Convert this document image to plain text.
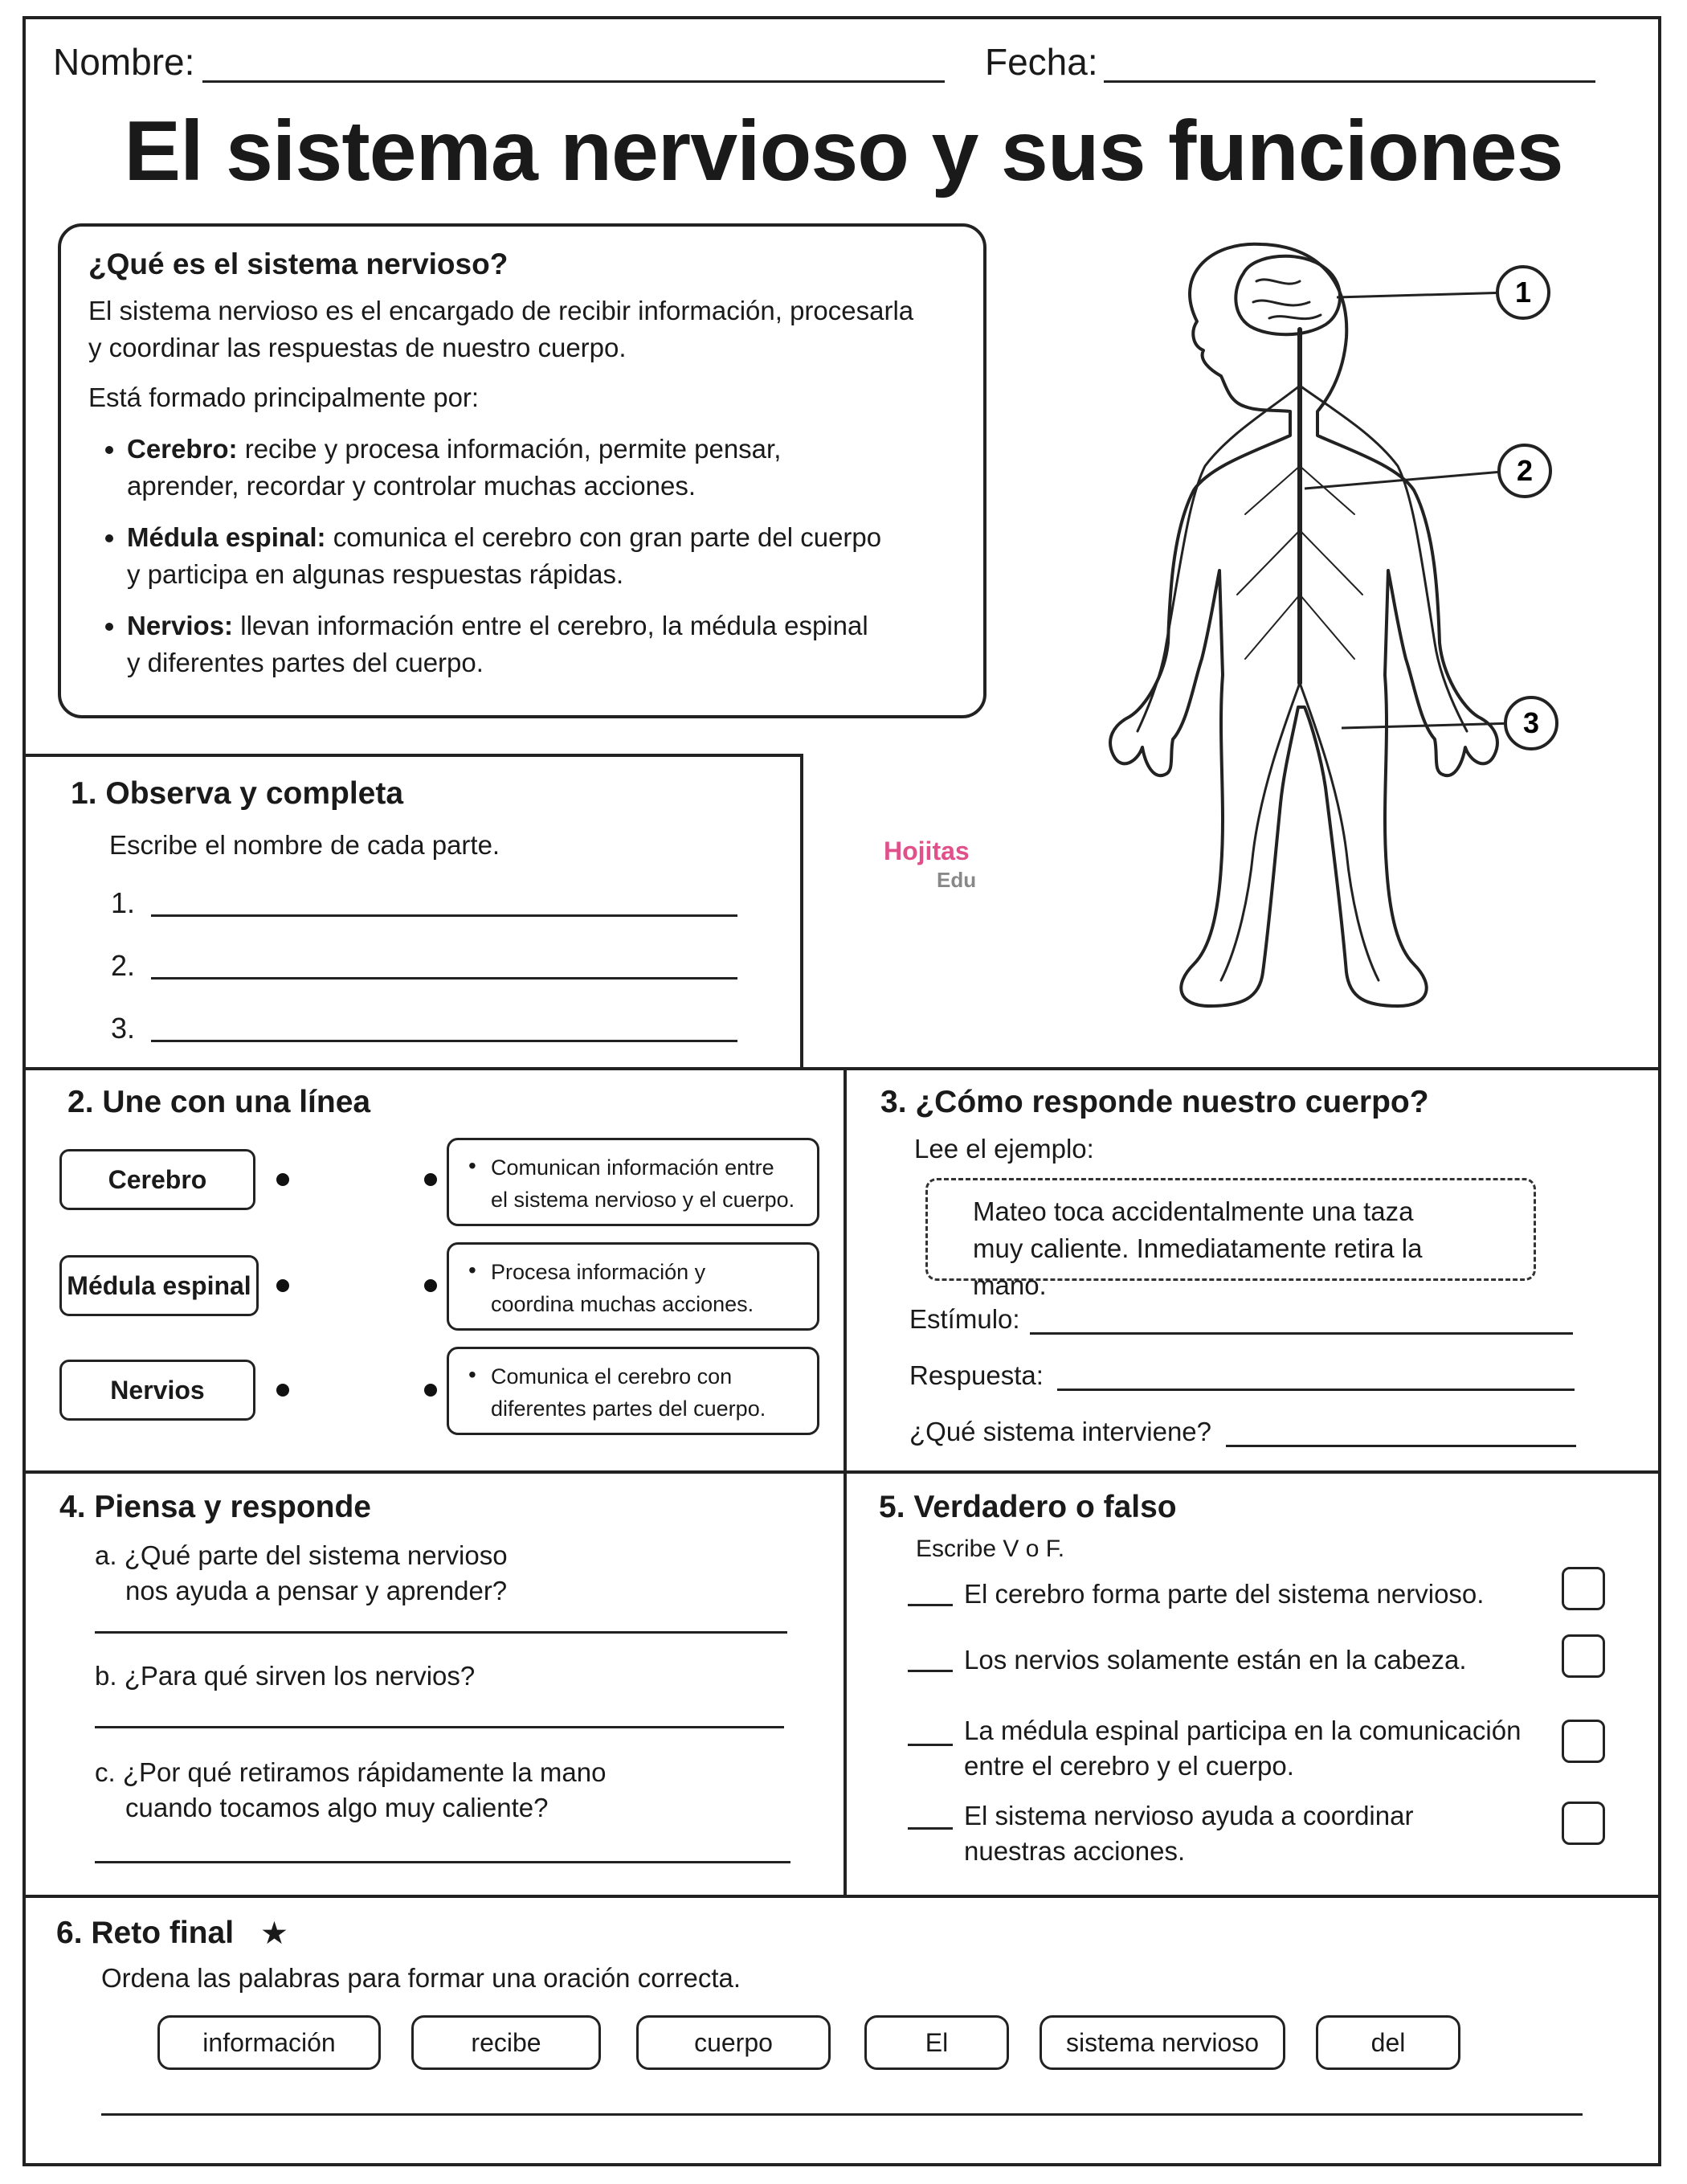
Nombre:	Fecha:
El sistema nervioso y sus funciones
¿Qué es el sistema nervioso?

El sistema nervioso es el encargado de recibir información, procesarla
y coordinar las respuestas de nuestro cuerpo.

Está formado principalmente por:

• Cerebro: recibe y procesa información, permite pensar,
aprender, recordar y controlar muchas acciones.
• Médula espinal: comunica el cerebro con gran parte del cuerpo
y participa en algunas respuestas rápidas.
• Nervios: llevan información entre el cerebro, la médula espinal
y diferentes partes del cuerpo.
1
2
3
Hojitas
Edu
1. Observa y completa
Escribe el nombre de cada parte.
1.
2.
3.
2. Une con una línea
Cerebro
Médula espinal
Nervios
• Comunican información entre
el sistema nervioso y el cuerpo.
• Procesa información y
coordina muchas acciones.
• Comunica el cerebro con
diferentes partes del cuerpo.
3. ¿Cómo responde nuestro cuerpo?
Lee el ejemplo:
Mateo toca accidentalmente una taza
muy caliente. Inmediatamente retira la mano.
Estímulo:
Respuesta:
¿Qué sistema interviene?
4. Piensa y responde
a. ¿Qué parte del sistema nervioso
nos ayuda a pensar y aprender?
b. ¿Para qué sirven los nervios?
c. ¿Por qué retiramos rápidamente la mano
cuando tocamos algo muy caliente?
5. Verdadero o falso
Escribe V o F.
El cerebro forma parte del sistema nervioso.
Los nervios solamente están en la cabeza.
La médula espinal participa en la comunicación
entre el cerebro y el cuerpo.
El sistema nervioso ayuda a coordinar
nuestras acciones.
6. Reto final ★
Ordena las palabras para formar una oración correcta.
información	recibe	cuerpo	El	sistema nervioso	del
